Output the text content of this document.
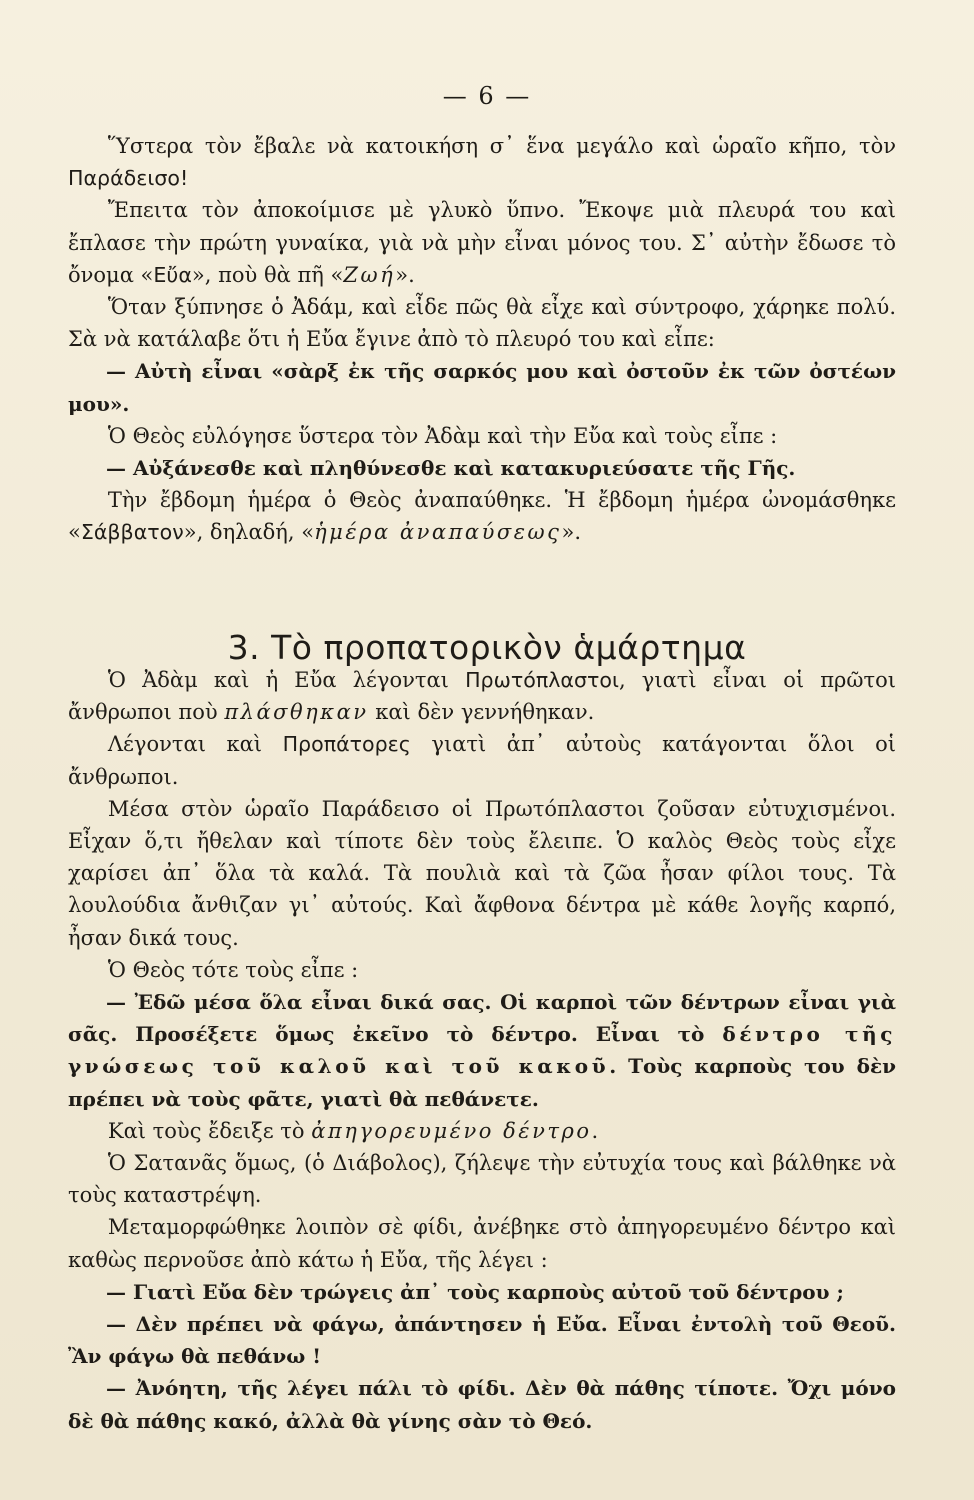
— 6 —

Ὕστερα τὸν ἔβαλε νὰ κατοικήση σ᾿ ἕνα μεγάλο καὶ ὡραῖο κῆπο, τὸν Παράδεισο!

Ἔπειτα τὸν ἀποκοίμισε μὲ γλυκὸ ὕπνο. Ἔκοψε μιὰ πλευρά του καὶ ἔπλασε τὴν πρώτη γυναίκα, γιὰ νὰ μὴν εἶναι μόνος του. Σ᾿ αὐτὴν ἔδωσε τὸ ὄνομα «Εὔα», ποὺ θὰ πῆ «Ζωή».

Ὅταν ξύπνησε ὁ Ἀδάμ, καὶ εἶδε πῶς θὰ εἶχε καὶ σύντροφο, χάρηκε πολύ. Σὰ νὰ κατάλαβε ὅτι ἡ Εὔα ἔγινε ἀπὸ τὸ πλευρό του καὶ εἶπε:

— Αὐτὴ εἶναι «σὰρξ ἐκ τῆς σαρκός μου καὶ ὀστοῦν ἐκ τῶν ὀστέων μου».

Ὁ Θεὸς εὐλόγησε ὕστερα τὸν Ἀδὰμ καὶ τὴν Εὔα καὶ τοὺς εἶπε :

— Αὐξάνεσθε καὶ πληθύνεσθε καὶ κατακυριεύσατε τῆς Γῆς.

Τὴν ἔβδομη ἡμέρα ὁ Θεὸς ἀναπαύθηκε. Ἡ ἔβδομη ἡμέρα ὠνομάσθηκε «Σάββατον», δηλαδή, «ἡμέρα ἀναπαύσεως».

3. Τὸ προπατορικὸν ἁμάρτημα

Ὁ Ἀδὰμ καὶ ἡ Εὔα λέγονται Πρωτόπλαστοι, γιατὶ εἶναι οἱ πρῶτοι ἄνθρωποι ποὺ πλάσθηκαν καὶ δὲν γεννήθηκαν.

Λέγονται καὶ Προπάτορες γιατὶ ἀπ᾿ αὐτοὺς κατάγονται ὅλοι οἱ ἄνθρωποι.

Μέσα στὸν ὡραῖο Παράδεισο οἱ Πρωτόπλαστοι ζοῦσαν εὐτυχισμένοι. Εἶχαν ὅ,τι ἤθελαν καὶ τίποτε δὲν τοὺς ἔλειπε. Ὁ καλὸς Θεὸς τοὺς εἶχε χαρίσει ἀπ᾿ ὅλα τὰ καλά. Τὰ πουλιὰ καὶ τὰ ζῶα ἦσαν φίλοι τους. Τὰ λουλούδια ἄνθιζαν γι᾿ αὐτούς. Καὶ ἄφθονα δέντρα μὲ κάθε λογῆς καρπό, ἦσαν δικά τους.

Ὁ Θεὸς τότε τοὺς εἶπε :

— Ἐδῶ μέσα ὅλα εἶναι δικά σας. Οἱ καρποὶ τῶν δέντρων εἶναι γιὰ σᾶς. Προσέξετε ὅμως ἐκεῖνο τὸ δέντρο. Εἶναι τὸ δέντρο τῆς γνώσεως τοῦ καλοῦ καὶ τοῦ κακοῦ. Τοὺς καρποὺς του δὲν πρέπει νὰ τοὺς φᾶτε, γιατὶ θὰ πεθάνετε.

Καὶ τοὺς ἔδειξε τὸ ἀπηγορευμένο δέντρο.

Ὁ Σατανᾶς ὅμως, (ὁ Διάβολος), ζήλεψε τὴν εὐτυχία τους καὶ βάλθηκε νὰ τοὺς καταστρέψη.

Μεταμορφώθηκε λοιπὸν σὲ φίδι, ἀνέβηκε στὸ ἀπηγορευμένο δέντρο καὶ καθὼς περνοῦσε ἀπὸ κάτω ἡ Εὔα, τῆς λέγει :

— Γιατὶ Εὔα δὲν τρώγεις ἀπ᾿ τοὺς καρποὺς αὐτοῦ τοῦ δέντρου ;

— Δὲν πρέπει νὰ φάγω, ἀπάντησεν ἡ Εὔα. Εἶναι ἐντολὴ τοῦ Θεοῦ. Ἂν φάγω θὰ πεθάνω !

— Ἀνόητη, τῆς λέγει πάλι τὸ φίδι. Δὲν θὰ πάθης τίποτε. Ὄχι μόνο δὲ θὰ πάθης κακό, ἀλλὰ θὰ γίνης σὰν τὸ Θεό.
